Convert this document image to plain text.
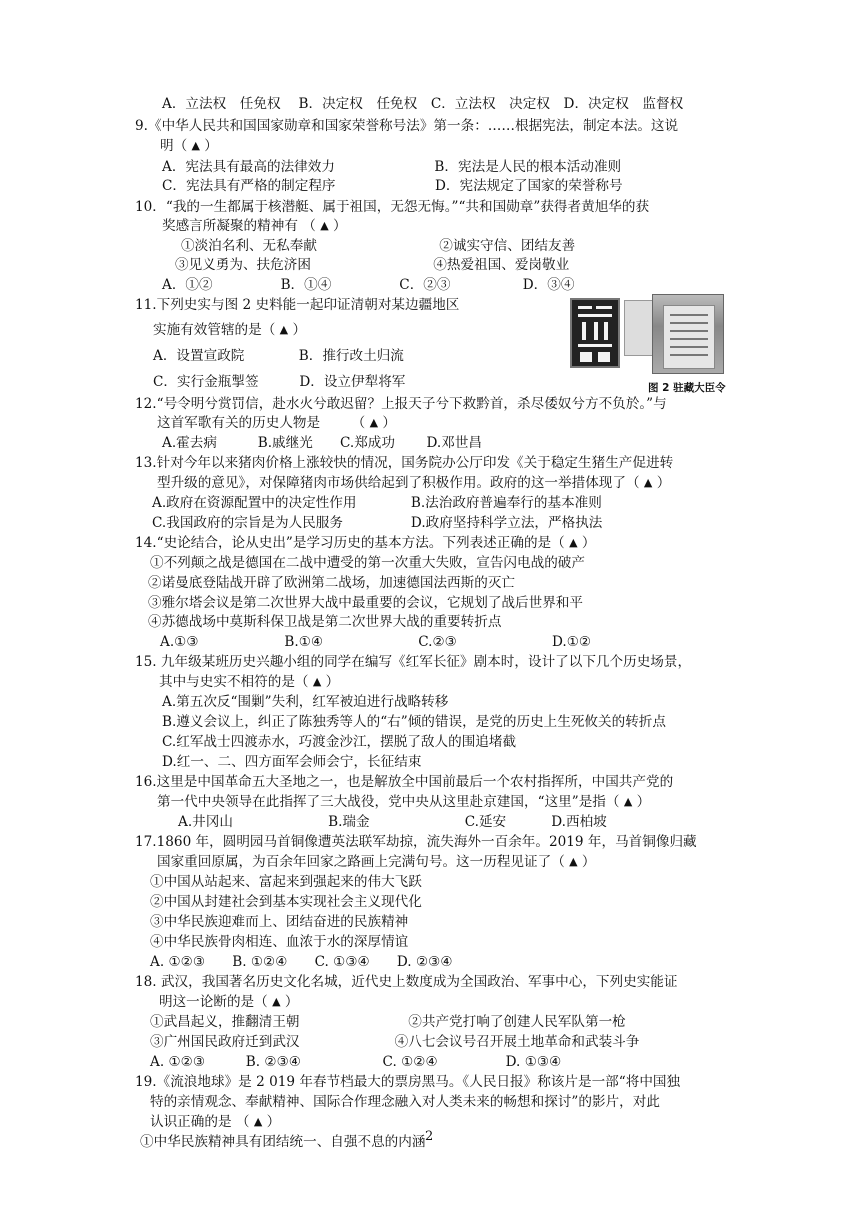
A．立法权　任免权　 B．决定权　任免权　C．立法权　决定权　D．决定权　监督权
9.《中华人民共和国国家勋章和国家荣誉称号法》第一条：……根据宪法，制定本法。这说
明（ ▲ ）
A．宪法具有最高的法律效力　　　　　　　 B．宪法是人民的根本活动准则
C．宪法具有严格的制定程序　　　　　　　 D．宪法规定了国家的荣誉称号
10．“我的一生都属于核潜艇、属于祖国，无怨无悔。”“共和国勋章”获得者黄旭华的获
奖感言所凝聚的精神有 （ ▲ ）
①淡泊名利、无私奉献　　　　　　　　　②诚实守信、团结友善
③见义勇为、扶危济困　　　　　　　　　④热爱祖国、爱岗敬业
A．①②　　　　　B．①④　　　　　C．②③　　　　　 D．③④
11.下列史实与图 2 史料能一起印证清朝对某边疆地区
实施有效管辖的是（ ▲ ）
A．设置宣政院　　　　B．推行改土归流
C．实行金瓶掣签　　　D．设立伊犁将军
12.“号令明兮赏罚信，赴水火兮敢迟留？上报天子兮下救黔首，杀尽倭奴兮方不负於。”与
这首军歌有关的历史人物是　　 （ ▲ ）
A.霍去病　　　B.戚继光　　C.郑成功　　 D.邓世昌
13.针对今年以来猪肉价格上涨较快的情况，国务院办公厅印发《关于稳定生猪生产促进转
型升级的意见》，对保障猪肉市场供给起到了积极作用。政府的这一举措体现了（ ▲ ）
A.政府在资源配置中的决定性作用　　　　B.法治政府普遍奉行的基本准则
C.我国政府的宗旨是为人民服务　　　　　D.政府坚持科学立法，严格执法
14.“史论结合，论从史出”是学习历史的基本方法。下列表述正确的是（ ▲ ）
①不列颠之战是德国在二战中遭受的第一次重大失败，宣告闪电战的破产
②诺曼底登陆战开辟了欧洲第二战场，加速德国法西斯的灭亡
③雅尔塔会议是第二次世界大战中最重要的会议，它规划了战后世界和平
④苏德战场中莫斯科保卫战是第二次世界大战的重要转折点
A.①③　　　　　　 B.①④　　　　　　　C.②③　　　　　　　D.①②
15. 九年级某班历史兴趣小组的同学在编写《红军长征》剧本时，设计了以下几个历史场景，
其中与史实不相符的是（ ▲ ）
A.第五次反“围剿”失利，红军被迫进行战略转移
B.遵义会议上，纠正了陈独秀等人的“右”倾的错误，是党的历史上生死攸关的转折点
C.红军战士四渡赤水，巧渡金沙江，摆脱了敌人的围追堵截
D.红一、二、四方面军会师会宁，长征结束
16.这里是中国革命五大圣地之一，也是解放全中国前最后一个农村指挥所，中国共产党的
第一代中央领导在此指挥了三大战役，党中央从这里赴京建国，“这里”是指（ ▲ ）
A.井冈山　　　　　　　B.瑞金　　　　　　　C.延安　　　 D.西柏坡
17.1860 年，圆明园马首铜像遭英法联军劫掠，流失海外一百余年。2019 年，马首铜像归藏
国家重回原属，为百余年回家之路画上完满句号。这一历程见证了（ ▲ ）
①中国从站起来、富起来到强起来的伟大飞跃
②中国从封建社会到基本实现社会主义现代化
③中华民族迎难而上、团结奋进的民族精神
④中华民族骨肉相连、血浓于水的深厚情谊
A. ①②③　　B. ①②④　　C. ①③④　　D. ②③④
18. 武汉，我国著名历史文化名城，近代史上数度成为全国政治、军事中心，下列史实能证
明这一论断的是（ ▲ ）
①武昌起义，推翻清王朝　　　　　　　　②共产党打响了创建人民军队第一枪
③广州国民政府迁到武汉　　　　　　　④八七会议号召开展土地革命和武装斗争
A. ①②③　　　B. ②③④　　　　　　C. ①②④　　　　　D. ①③④
19.《流浪地球》是 2 019 年春节档最大的票房黑马。《人民日报》称该片是一部“将中国独
特的亲情观念、奉献精神、国际合作理念融入对人类未来的畅想和探讨”的影片，对此
认识正确的是 （ ▲ ）
①中华民族精神具有团结统一、自强不息的内涵
图 2 驻藏大臣令
2
